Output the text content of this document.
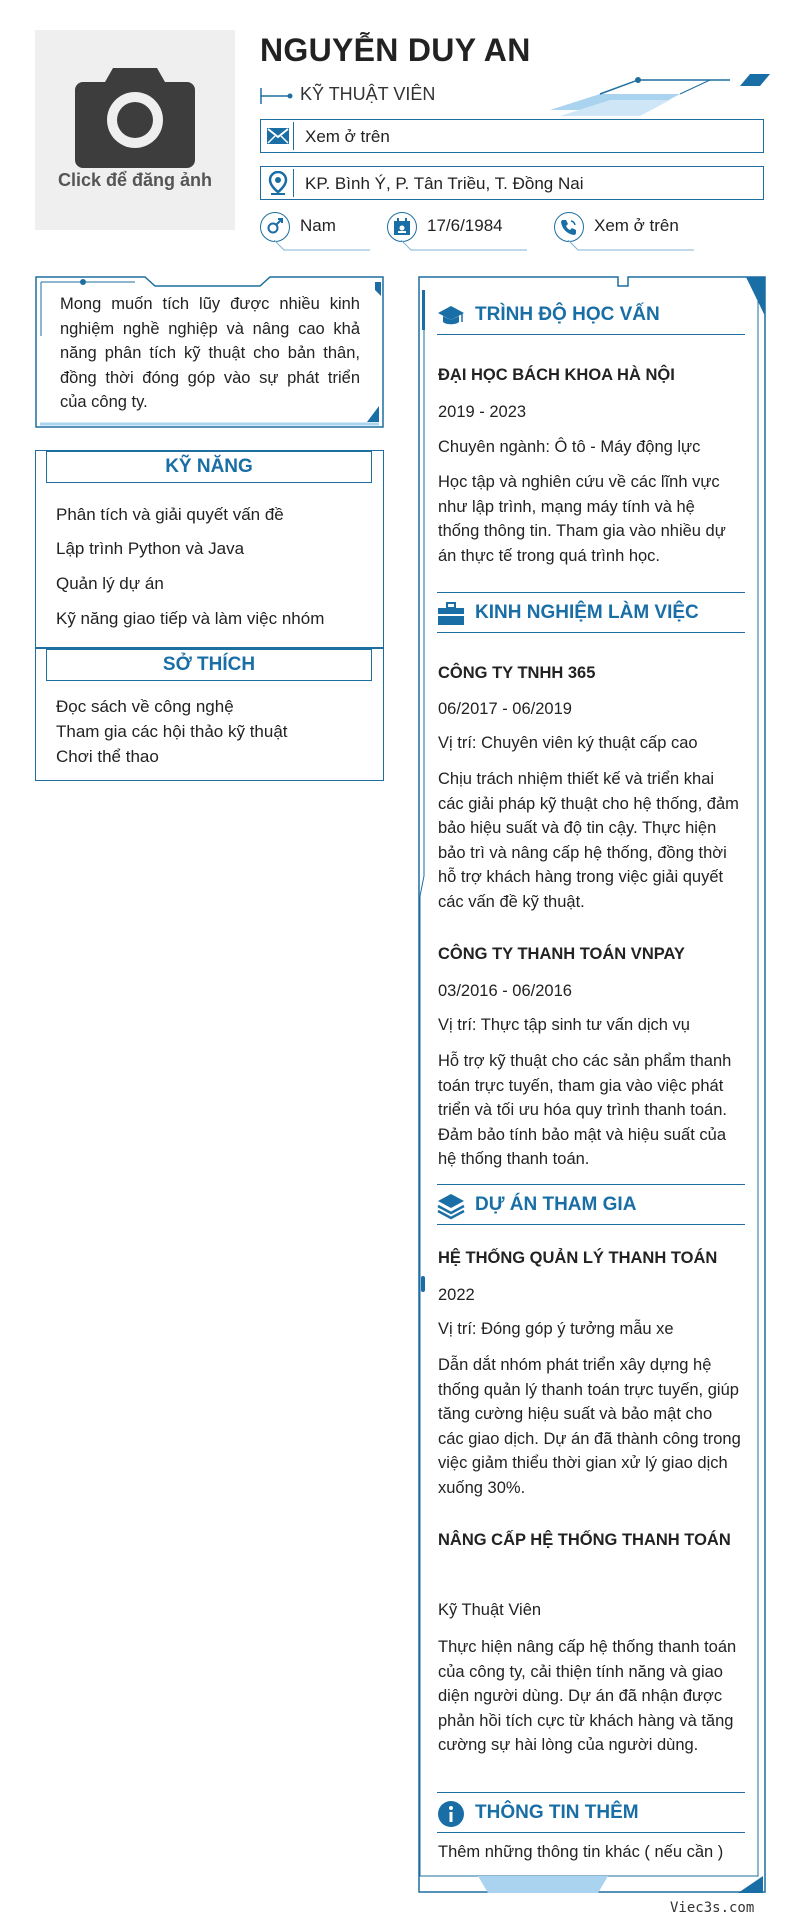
Click để đăng ảnh
NGUYỄN DUY AN
KỸ THUẬT VIÊN
Xem ở trên
KP. Bình Ý, P. Tân Triều, T. Đồng Nai
Nam	17/6/1984	Xem ở trên
Mong muốn tích lũy được nhiều kinh nghiệm nghề nghiệp và nâng cao khả năng phân tích kỹ thuật cho bản thân, đồng thời đóng góp vào sự phát triển của công ty.
KỸ NĂNG
Phân tích và giải quyết vấn đề
Lập trình Python và Java
Quản lý dự án
Kỹ năng giao tiếp và làm việc nhóm
SỞ THÍCH
Đọc sách về công nghệ
Tham gia các hội thảo kỹ thuật
Chơi thể thao
TRÌNH ĐỘ HỌC VẤN
ĐẠI HỌC BÁCH KHOA HÀ NỘI
2019 - 2023
Chuyên ngành: Ô tô - Máy động lực
Học tập và nghiên cứu về các lĩnh vực như lập trình, mạng máy tính và hệ thống thông tin. Tham gia vào nhiều dự án thực tế trong quá trình học.
KINH NGHIỆM LÀM VIỆC
CÔNG TY TNHH 365
06/2017 - 06/2019
Vị trí: Chuyên viên ký thuật cấp cao
Chịu trách nhiệm thiết kế và triển khai các giải pháp kỹ thuật cho hệ thống, đảm bảo hiệu suất và độ tin cậy. Thực hiện bảo trì và nâng cấp hệ thống, đồng thời hỗ trợ khách hàng trong việc giải quyết các vấn đề kỹ thuật.
CÔNG TY THANH TOÁN VNPAY
03/2016 - 06/2016
Vị trí: Thực tập sinh tư vấn dịch vụ
Hỗ trợ kỹ thuật cho các sản phẩm thanh toán trực tuyến, tham gia vào việc phát triển và tối ưu hóa quy trình thanh toán. Đảm bảo tính bảo mật và hiệu suất của hệ thống thanh toán.
DỰ ÁN THAM GIA
HỆ THỐNG QUẢN LÝ THANH TOÁN
2022
Vị trí: Đóng góp ý tưởng mẫu xe
Dẫn dắt nhóm phát triển xây dựng hệ thống quản lý thanh toán trực tuyến, giúp tăng cường hiệu suất và bảo mật cho các giao dịch. Dự án đã thành công trong việc giảm thiểu thời gian xử lý giao dịch xuống 30%.
NÂNG CẤP HỆ THỐNG THANH TOÁN
Kỹ Thuật Viên
Thực hiện nâng cấp hệ thống thanh toán của công ty, cải thiện tính năng và giao diện người dùng. Dự án đã nhận được phản hồi tích cực từ khách hàng và tăng cường sự hài lòng của người dùng.
THÔNG TIN THÊM
Thêm những thông tin khác ( nếu cần )
Viec3s.com
